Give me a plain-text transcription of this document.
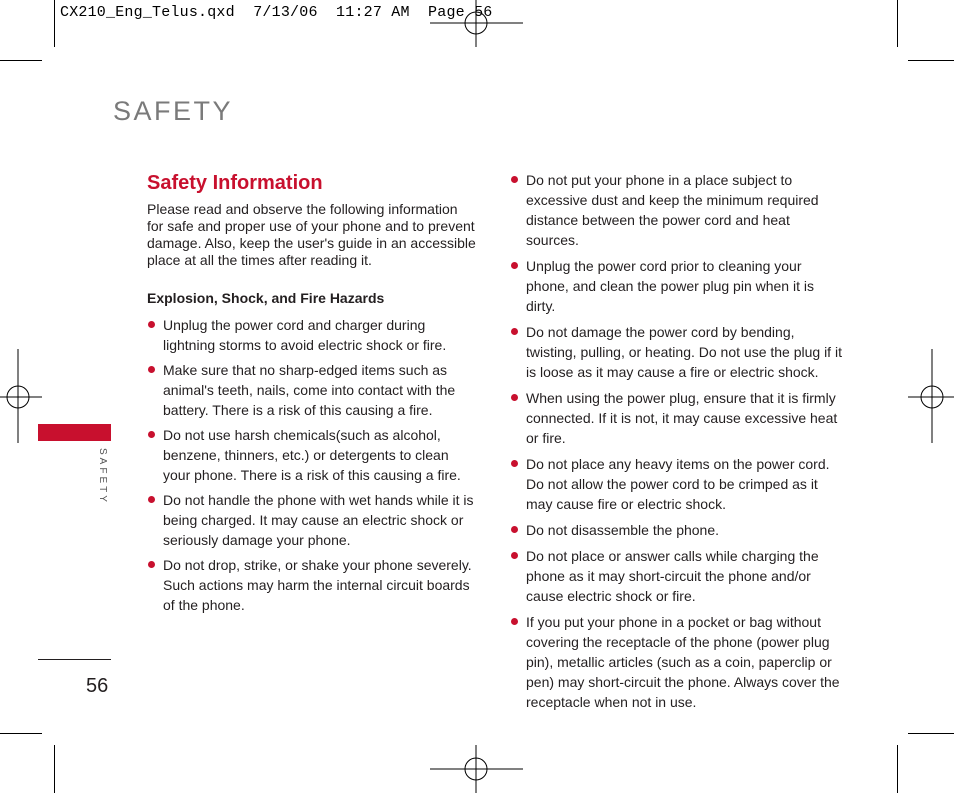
CX210_Eng_Telus.qxd  7/13/06  11:27 AM  Page 56
SAFETY
SAFETY
56
Safety Information

Please read and observe the following information for safe and proper use of your phone and to prevent damage. Also, keep the user's guide in an accessible place at all the times after reading it.

Explosion, Shock, and Fire Hazards
Unplug the power cord and charger during lightning storms to avoid electric shock or fire.
Make sure that no sharp-edged items such as animal's teeth, nails, come into contact with the battery. There is a risk of this causing a fire.
Do not use harsh chemicals(such as alcohol, benzene, thinners, etc.) or detergents to clean your phone. There is a risk of this causing a fire.
Do not handle the phone with wet hands while it is being charged. It may cause an electric shock or seriously damage your phone.
Do not drop, strike, or shake your phone severely. Such actions may harm the internal circuit boards of the phone.
Do not put your phone in a place subject to excessive dust and keep the minimum required distance between the power cord and heat sources.
Unplug the power cord prior to cleaning your phone, and clean the power plug pin when it is dirty.
Do not damage the power cord by bending, twisting, pulling, or heating. Do not use the plug if it is loose as it may cause a fire or electric shock.
When using the power plug, ensure that it is firmly connected. If it is not, it may cause excessive heat or fire.
Do not place any heavy items on the power cord. Do not allow the power cord to be crimped as it may cause fire or electric shock.
Do not disassemble the phone.
Do not place or answer calls while charging the phone as it may short-circuit the phone and/or cause electric shock or fire.
If you put your phone in a pocket or bag without covering the receptacle of the phone (power plug pin), metallic articles (such as a coin, paperclip or pen) may short-circuit the phone. Always cover the receptacle when not in use.
